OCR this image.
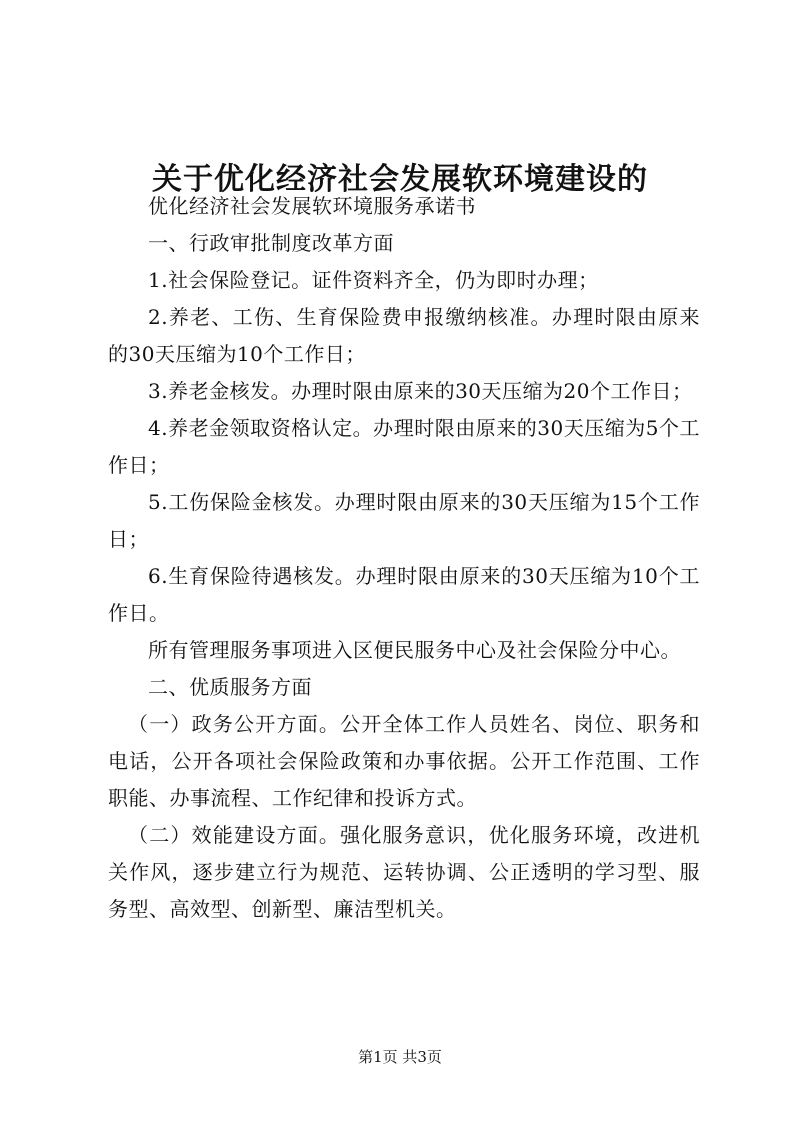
关于优化经济社会发展软环境建设的

优化经济社会发展软环境服务承诺书

一、行政审批制度改革方面

1.社会保险登记。证件资料齐全，仍为即时办理；

2.养老、工伤、生育保险费申报缴纳核准。办理时限由原来的30天压缩为10个工作日；

3.养老金核发。办理时限由原来的30天压缩为20个工作日；

4.养老金领取资格认定。办理时限由原来的30天压缩为5个工作日；

5.工伤保险金核发。办理时限由原来的30天压缩为15个工作日；

6.生育保险待遇核发。办理时限由原来的30天压缩为10个工作日。

所有管理服务事项进入区便民服务中心及社会保险分中心。

二、优质服务方面

（一）政务公开方面。公开全体工作人员姓名、岗位、职务和电话，公开各项社会保险政策和办事依据。公开工作范围、工作职能、办事流程、工作纪律和投诉方式。

（二）效能建设方面。强化服务意识，优化服务环境，改进机关作风，逐步建立行为规范、运转协调、公正透明的学习型、服务型、高效型、创新型、廉洁型机关。

第1页 共3页
